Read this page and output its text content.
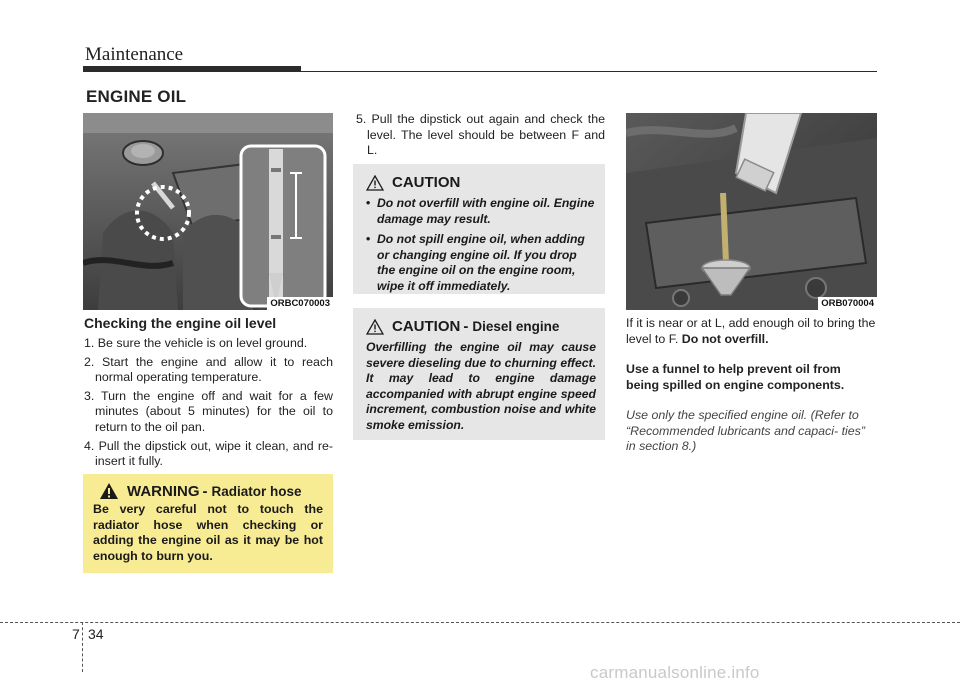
Maintenance
ENGINE OIL
ORBC070003
Checking the engine oil level
1. Be sure the vehicle is on level ground.
2. Start the engine and allow it to reach normal operating temperature.
3. Turn the engine off and wait for a few minutes (about 5 minutes) for the oil to return to the oil pan.
4. Pull the dipstick out, wipe it clean, and re-insert it fully.
WARNING - Radiator hose
Be very careful not to touch the radiator hose when checking or adding the engine oil as it may be hot enough to burn you.
5. Pull the dipstick out again and check the level. The level should be between F and L.
CAUTION
• Do not overfill with engine oil. Engine damage may result.
• Do not spill engine oil, when adding or changing engine oil. If you drop the engine oil on the engine room, wipe it off immediately.
CAUTION - Diesel engine
Overfilling the engine oil may cause severe dieseling due to churning effect. It may lead to engine damage accompanied with abrupt engine speed increment, combustion noise and white smoke emission.
ORB070004
If it is near or at L, add enough oil to bring the level to F. Do not overfill.
Use a funnel to help prevent oil from being spilled on engine components.
Use only the specified engine oil. (Refer to “Recommended lubricants and capaci- ties” in section 8.)
7 34
carmanualsonline.info
